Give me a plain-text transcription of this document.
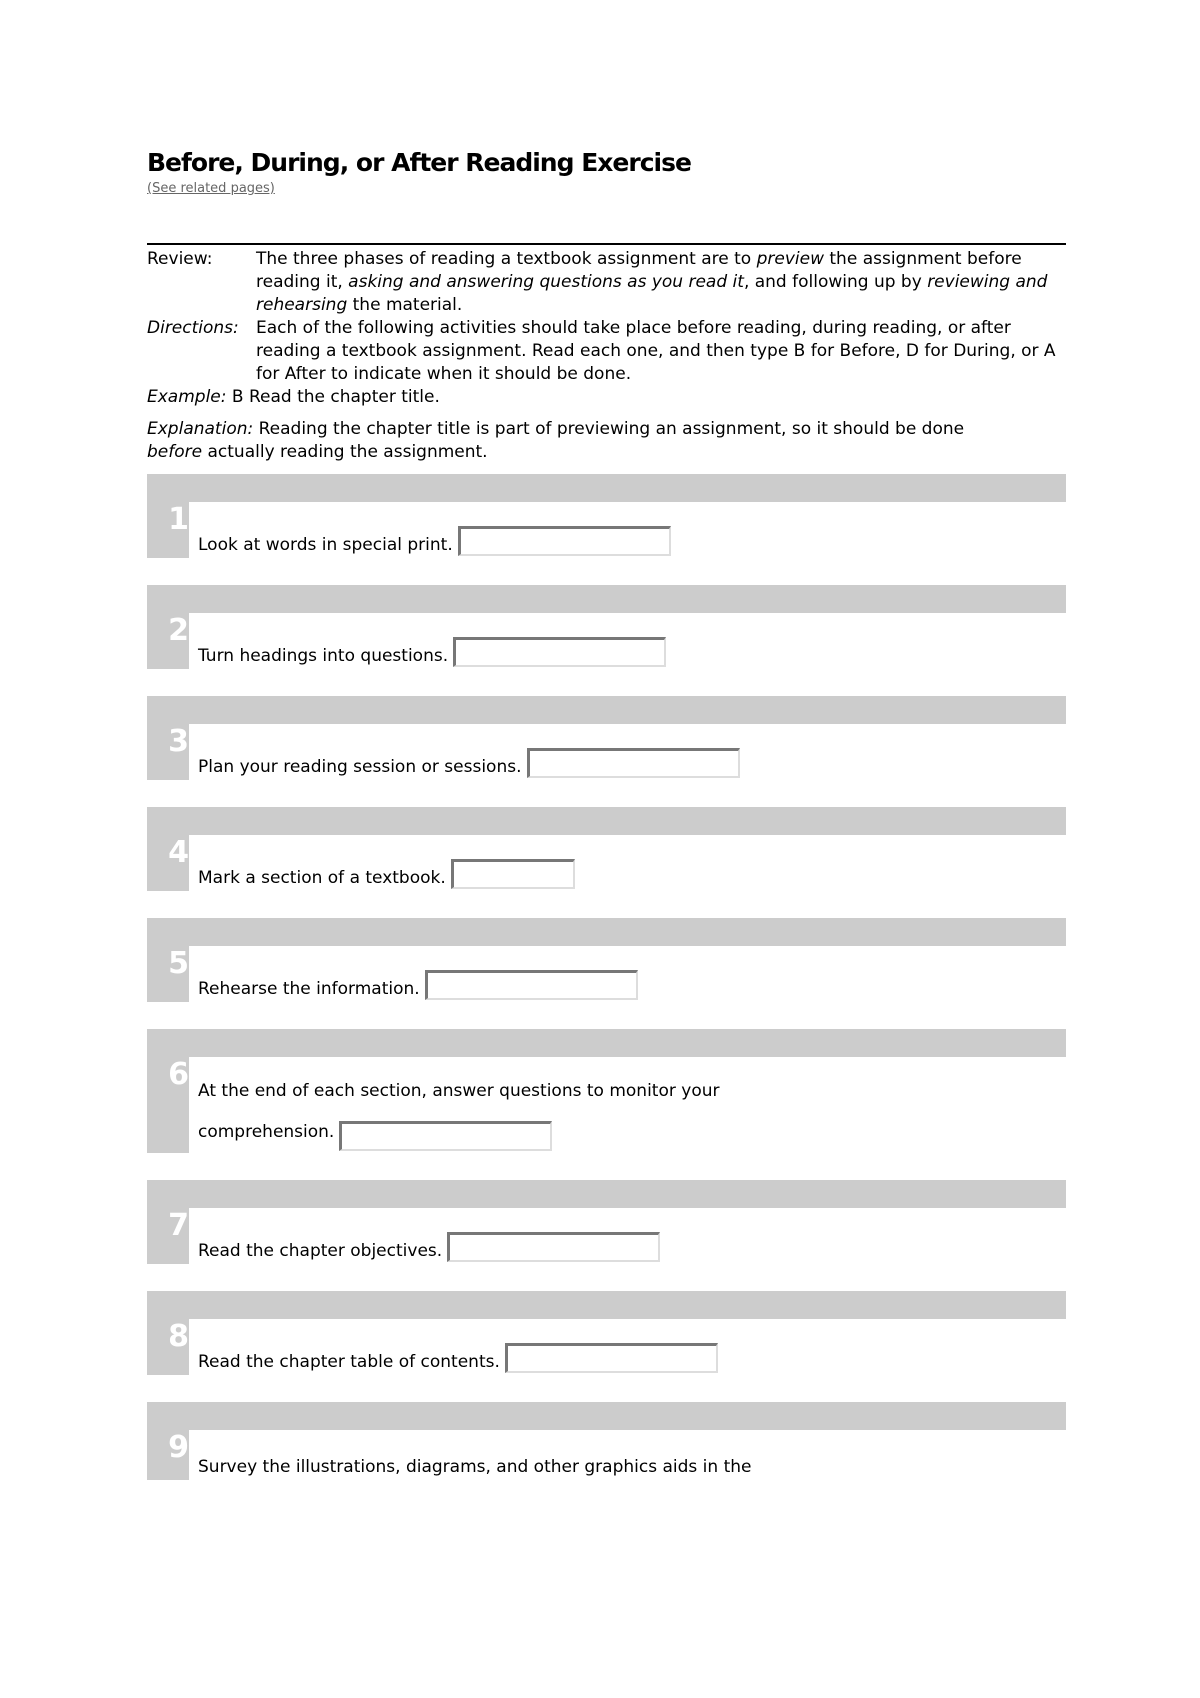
Before, During, or After Reading Exercise
(See related pages)
Review:	The three phases of reading a textbook assignment are to preview the assignment before reading it, asking and answering questions as you read it, and following up by reviewing and rehearsing the material.
Directions:	Each of the following activities should take place before reading, during reading, or after reading a textbook assignment. Read each one, and then type B for Before, D for During, or A for After to indicate when it should be done.
Example: B Read the chapter title.
Explanation: Reading the chapter title is part of previewing an assignment, so it should be done before actually reading the assignment.
1
Look at words in special print.
2
Turn headings into questions.
3
Plan your reading session or sessions.
4
Mark a section of a textbook.
5
Rehearse the information.
6 At the end of each section, answer questions to monitor your
comprehension.
7
Read the chapter objectives.
8
Read the chapter table of contents.
9
Survey the illustrations, diagrams, and other graphics aids in the
